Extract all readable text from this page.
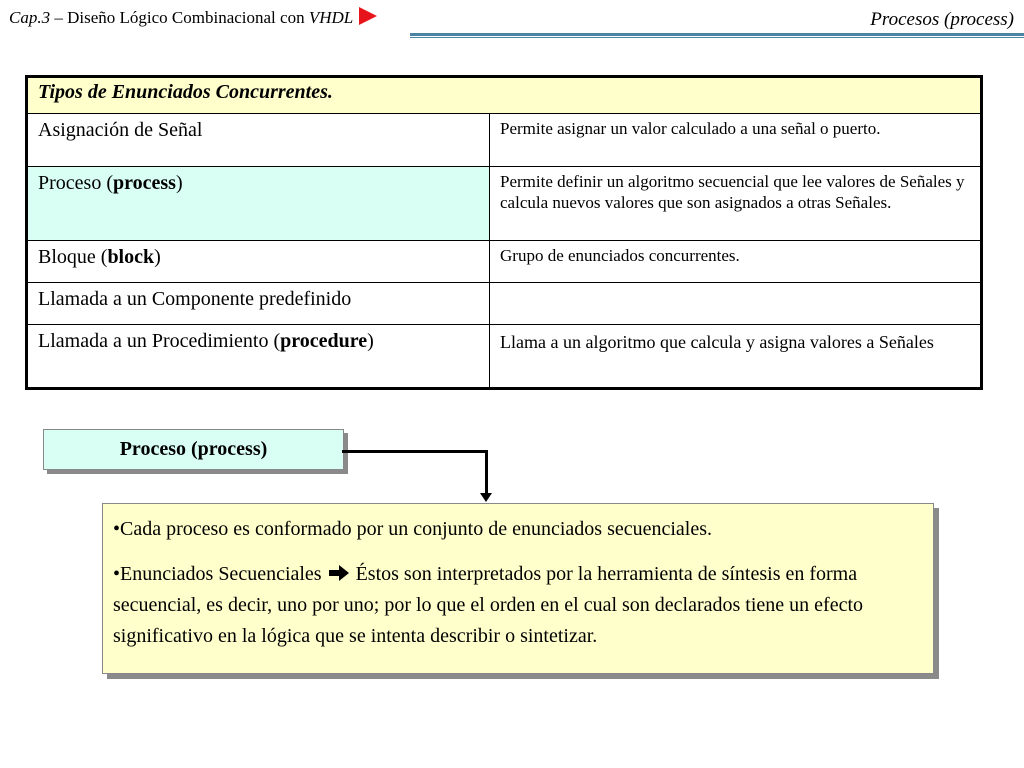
Cap.3 – Diseño Lógico Combinacional con VHDL	Procesos (process)
Tipos de Enunciados Concurrentes.	
Asignación de Señal	Permite asignar un valor calculado a una señal o puerto.
Proceso (process)	Permite definir un algoritmo secuencial que lee valores de Señales y calcula nuevos valores que son asignados a otras Señales.
Bloque (block)	Grupo de enunciados concurrentes.
Llamada a un Componente predefinido	
Llamada a un Procedimiento (procedure)	Llama a un algoritmo que calcula y asigna valores a Señales
Proceso (process)

•Cada proceso es conformado por un conjunto de enunciados secuenciales.

•Enunciados Secuenciales  Éstos son interpretados por la herramienta de síntesis en forma secuencial, es decir, uno por uno; por lo que el orden en el cual son declarados tiene un efecto significativo en la lógica que se intenta describir o sintetizar.
